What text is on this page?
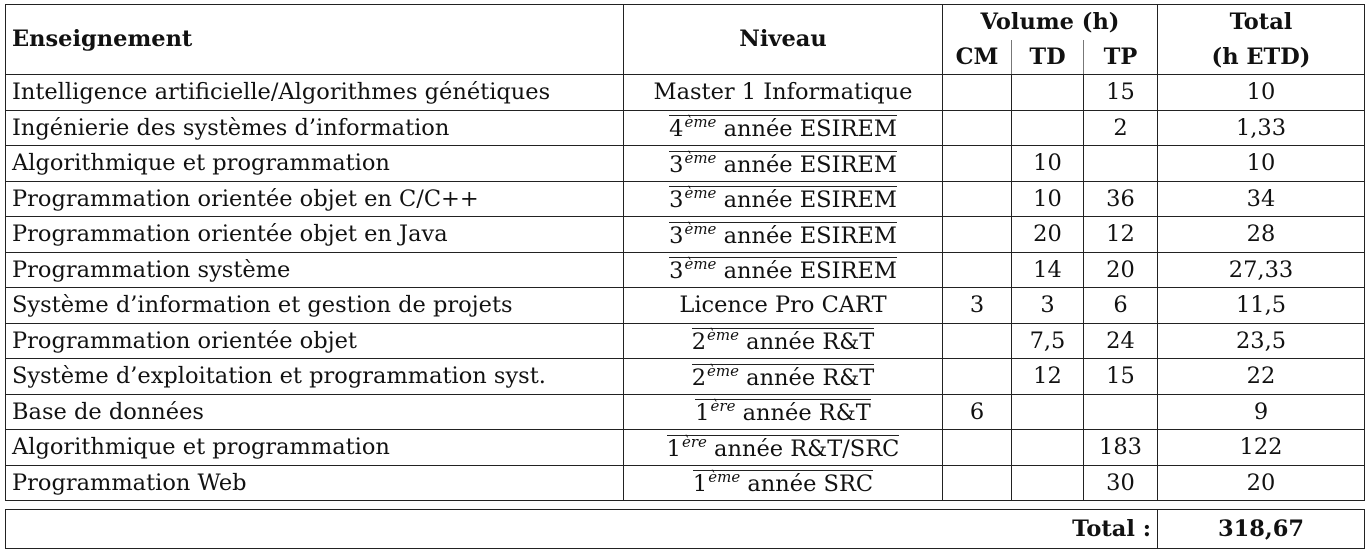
Enseignement	Niveau	Volume (h)			Total
		CM	TD	TP	(h ETD)
Intelligence artificielle/Algorithmes génétiques	Master 1 Informatique			15	10
Ingénierie des systèmes d’information	4ème année ESIREM			2	1,33
Algorithmique et programmation	3ème année ESIREM		10		10
Programmation orientée objet en C/C++	3ème année ESIREM		10	36	34
Programmation orientée objet en Java	3ème année ESIREM		20	12	28
Programmation système	3ème année ESIREM		14	20	27,33
Système d’information et gestion de projets	Licence Pro CART	3	3	6	11,5
Programmation orientée objet	2ème année R&T		7,5	24	23,5
Système d’exploitation et programmation syst.	2ème année R&T		12	15	22
Base de données	1ère année R&T	6			9
Algorithmique et programmation	1ère année R&T/SRC			183	122
Programmation Web	1ème année SRC			30	20
Total :	318,67
